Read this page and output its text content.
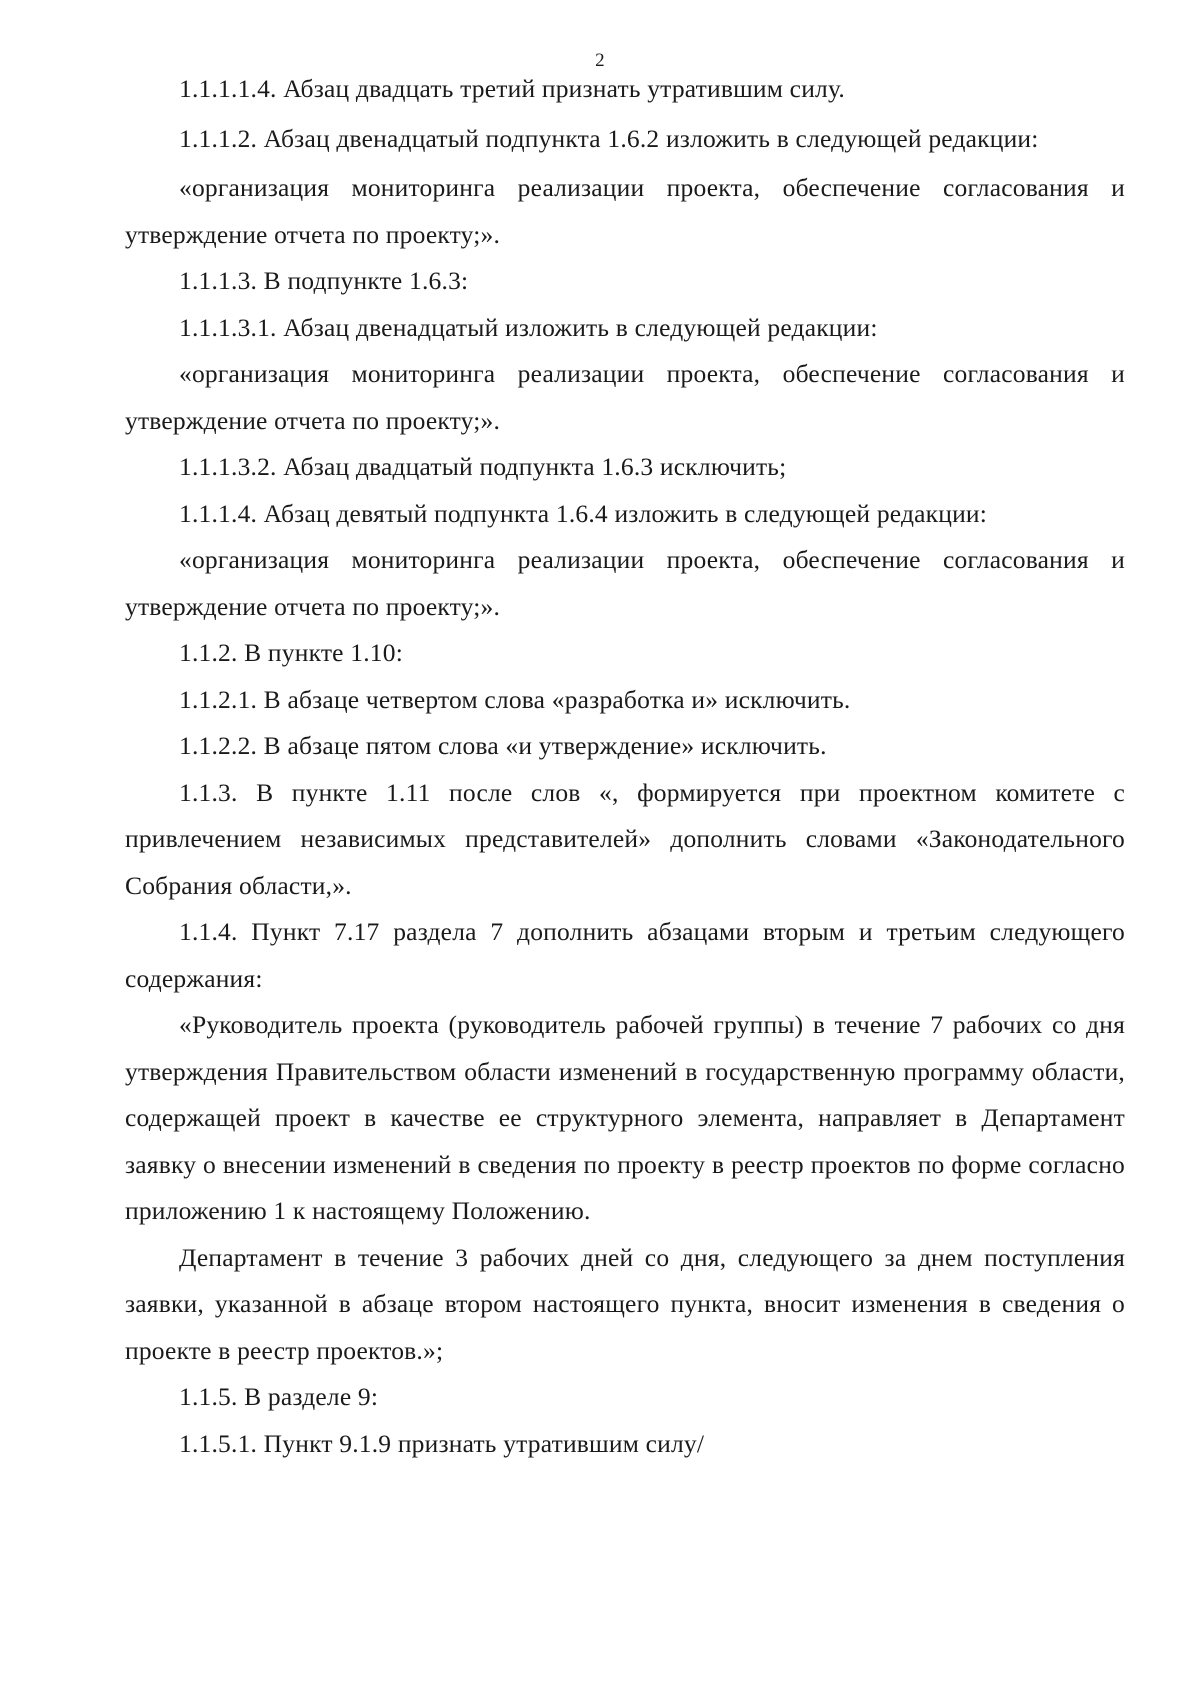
2

1.1.1.1.4. Абзац двадцать третий признать утратившим силу.

1.1.1.2. Абзац двенадцатый подпункта 1.6.2 изложить в следующей редакции:

«организация мониторинга реализации проекта, обеспечение согласования и утверждение отчета по проекту;».

1.1.1.3. В подпункте 1.6.3:

1.1.1.3.1. Абзац двенадцатый изложить в следующей редакции:

«организация мониторинга реализации проекта, обеспечение согласования и утверждение отчета по проекту;».

1.1.1.3.2. Абзац двадцатый подпункта 1.6.3 исключить;

1.1.1.4. Абзац девятый подпункта 1.6.4 изложить в следующей редакции:

«организация мониторинга реализации проекта, обеспечение согласования и утверждение отчета по проекту;».

1.1.2. В пункте 1.10:

1.1.2.1. В абзаце четвертом слова «разработка и» исключить.

1.1.2.2. В абзаце пятом слова «и утверждение» исключить.

1.1.3. В пункте 1.11 после слов «, формируется при проектном комитете с привлечением независимых представителей» дополнить словами «Законодательного Собрания области,».

1.1.4. Пункт 7.17 раздела 7 дополнить абзацами вторым и третьим следующего содержания:

«Руководитель проекта (руководитель рабочей группы) в течение 7 рабочих со дня утверждения Правительством области изменений в государственную программу области, содержащей проект в качестве ее структурного элемента, направляет в Департамент заявку о внесении изменений в сведения по проекту в реестр проектов по форме согласно приложению 1 к настоящему Положению.

Департамент в течение 3 рабочих дней со дня, следующего за днем поступления заявки, указанной в абзаце втором настоящего пункта, вносит изменения в сведения о проекте в реестр проектов.»;

1.1.5. В разделе 9:

1.1.5.1. Пункт 9.1.9 признать утратившим силу/
